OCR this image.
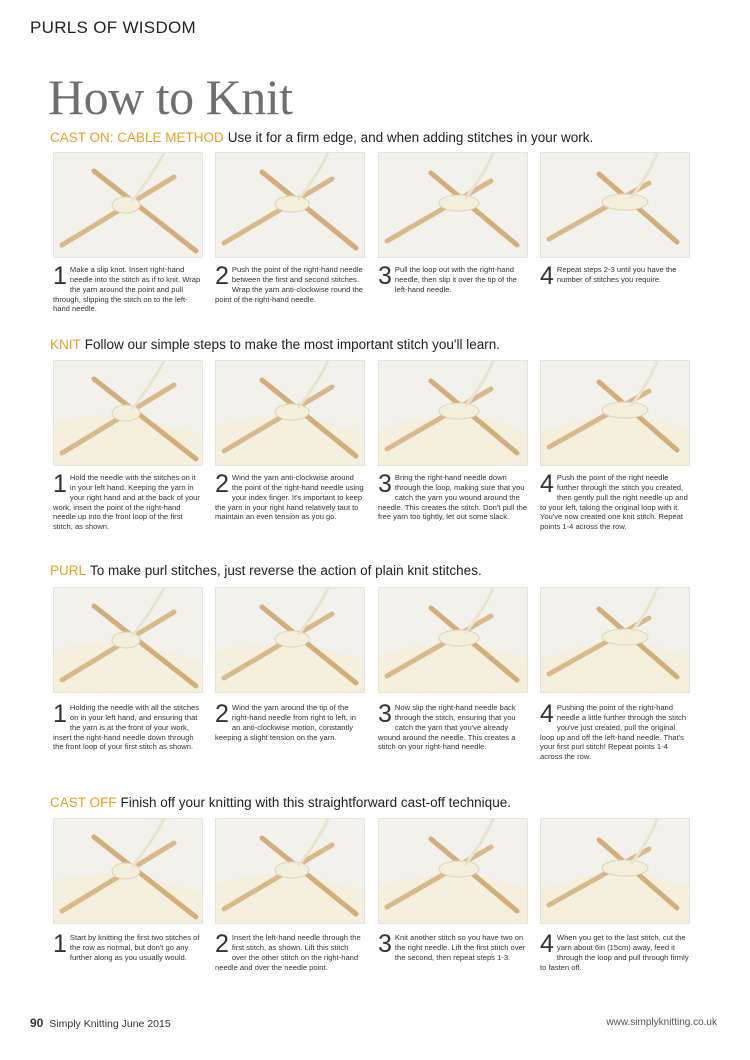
PURLS OF WISDOM
How to Knit
CAST ON: CABLE METHOD Use it for a firm edge, and when adding stitches in your work.
1 Make a slip knot. Insert right-hand needle into the stitch as if to knit. Wrap the yarn around the point and pull through, slipping the stitch on to the left-hand needle.
2 Push the point of the right-hand needle between the first and second stitches. Wrap the yarn anti-clockwise round the point of the right-hand needle.
3 Pull the loop out with the right-hand needle, then slip it over the tip of the left-hand needle.	4 Repeat steps 2-3 until you have the number of stitches you require.
KNIT Follow our simple steps to make the most important stitch you'll learn.
1 Hold the needle with the stitches on it in your left hand. Keeping the yarn in your right hand and at the back of your work, insert the point of the right-hand needle up into the front loop of the first stitch, as shown.
2 Wind the yarn anti-clockwise around the point of the right-hand needle using your index finger. It's important to keep the yarn in your right hand relatively taut to maintain an even tension as you go.
3 Bring the right-hand needle down through the loop, making sure that you catch the yarn you wound around the needle. This creates the stitch. Don't pull the free yarn too tightly, let out some slack.
4 Push the point of the right needle further through the stitch you created, then gently pull the right needle up and to your left, taking the original loop with it. You've now created one knit stitch. Repeat points 1-4 across the row.
PURL To make purl stitches, just reverse the action of plain knit stitches.
1 Holding the needle with all the stitches on in your left hand, and ensuring that the yarn is at the front of your work, insert the right-hand needle down through the front loop of your first stitch as shown.
2 Wind the yarn around the tip of the right-hand needle from right to left, in an anti-clockwise motion, constantly keeping a slight tension on the yarn.
3 Now slip the right-hand needle back through the stitch, ensuring that you catch the yarn that you've already wound around the needle. This creates a stitch on your right-hand needle.
4 Pushing the point of the right-hand needle a little further through the stitch you've just created, pull the original loop up and off the left-hand needle. That's your first purl stitch! Repeat points 1-4 across the row.
CAST OFF Finish off your knitting with this straightforward cast-off technique.
1 Start by knitting the first two stitches of the row as normal, but don't go any further along as you usually would.	2 Insert the left-hand needle through the first stitch, as shown. Lift this stitch over the other stitch on the right-hand needle and over the needle point.
3 Knit another stitch so you have two on the right needle. Lift the first stitch over the second, then repeat steps 1-3.	4 When you get to the last stitch, cut the yarn about 6in (15cm) away, feed it through the loop and pull through firmly to fasten off.
90 Simply Knitting June 2015	www.simplyknitting.co.uk
